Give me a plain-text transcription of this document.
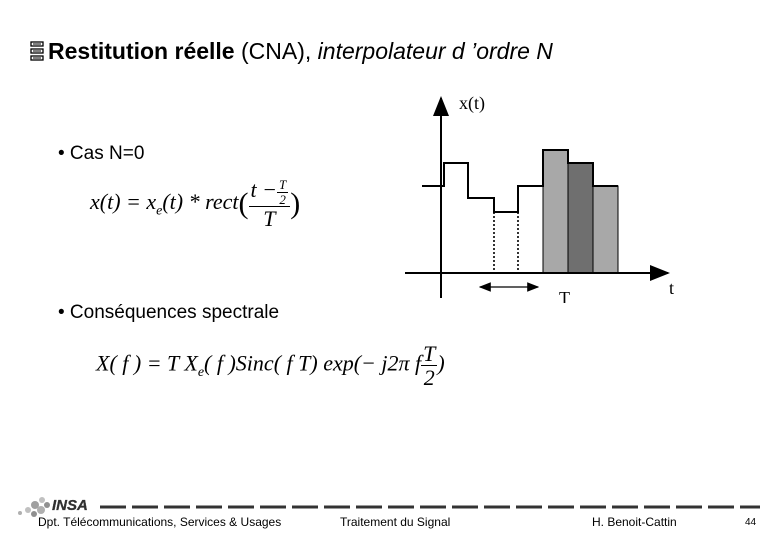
Restitution réelle (CNA), interpolateur d ’ordre N
• Cas N=0
$x(t) = x_e(t)$ * rect( $\frac{t - \frac{T}{2}}{T}$ )
• Conséquences spectrale
X( f ) = T $X_e$( f )Sinc( f T) exp(− j2π f $\frac{T}{2}$ )
x(t)
t
T
INSA
Dpt. Télécommunications, Services & Usages	Traitement du Signal	H. Benoit-Cattin	44
